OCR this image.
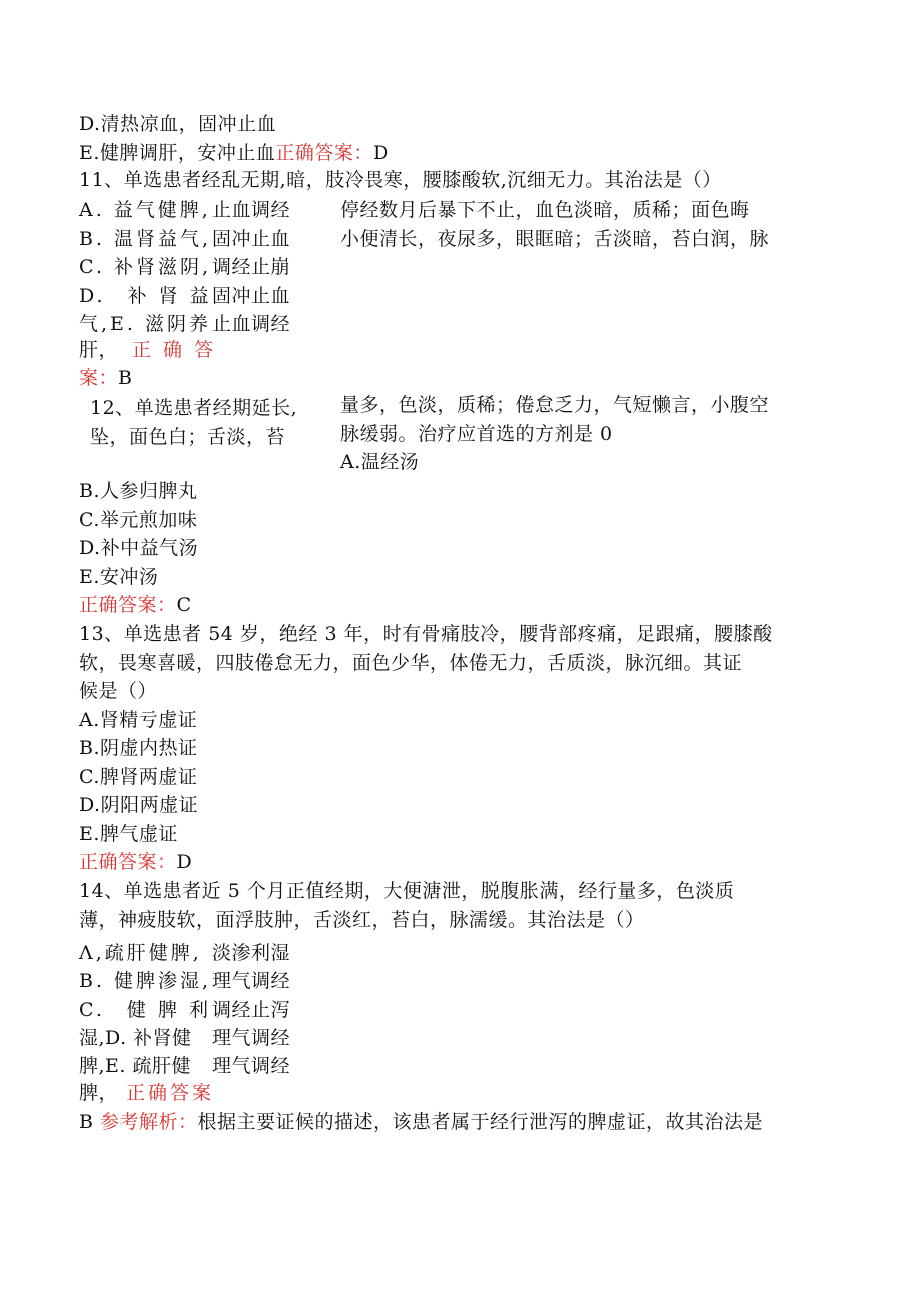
D.清热凉血，固冲止血
E.健脾调肝，安冲止血正确答案：D
11、单选患者经乱无期,暗，肢冷畏寒，腰膝酸软,沉细无力。其治法是（）
停经数月后暴下不止，血色淡暗，质稀；面色晦
小便清长，夜尿多，眼眶暗；舌淡暗，苔白润，脉
A. 益气健脾,
B. 温肾益气,
C. 补肾滋阴,
D.　补 肾 益
气,E. 滋阴养
肝， 正 确 答
止血调经
固冲止血
调经止崩
固冲止血
止血调经
案：B
12、单选患者经期延长,
坠，面色白；舌淡，苔
量多，色淡，质稀；倦怠乏力，气短懒言，小腹空
脉缓弱。治疗应首选的方剂是 0
A.温经汤
B.人参归脾丸
C.举元煎加味
D.补中益气汤
E.安冲汤
正确答案：C
13、单选患者 54 岁，绝经 3 年，时有骨痛肢冷，腰背部疼痛，足跟痛，腰膝酸
软，畏寒喜暖，四肢倦怠无力，面色少华，体倦无力，舌质淡，脉沉细。其证
候是（）
A.肾精亏虚证
B.阴虚内热证
C.脾肾两虚证
D.阴阳两虚证
E.脾气虚证
正确答案：D
14、单选患者近 5 个月正值经期，大便溏泄，脱腹胀满，经行量多，色淡质
薄，神疲肢软，面浮肢肿，舌淡红，苔白，脉濡缓。其治法是（）
Λ,疏肝健脾,
B. 健脾渗湿,
C.　健 脾 利
湿,D. 补肾健
脾,E. 疏肝健
脾， 正确答案
淡渗利湿
理气调经
调经止泻
理气调经
理气调经
B 参考解析：根据主要证候的描述，该患者属于经行泄泻的脾虚证，故其治法是
